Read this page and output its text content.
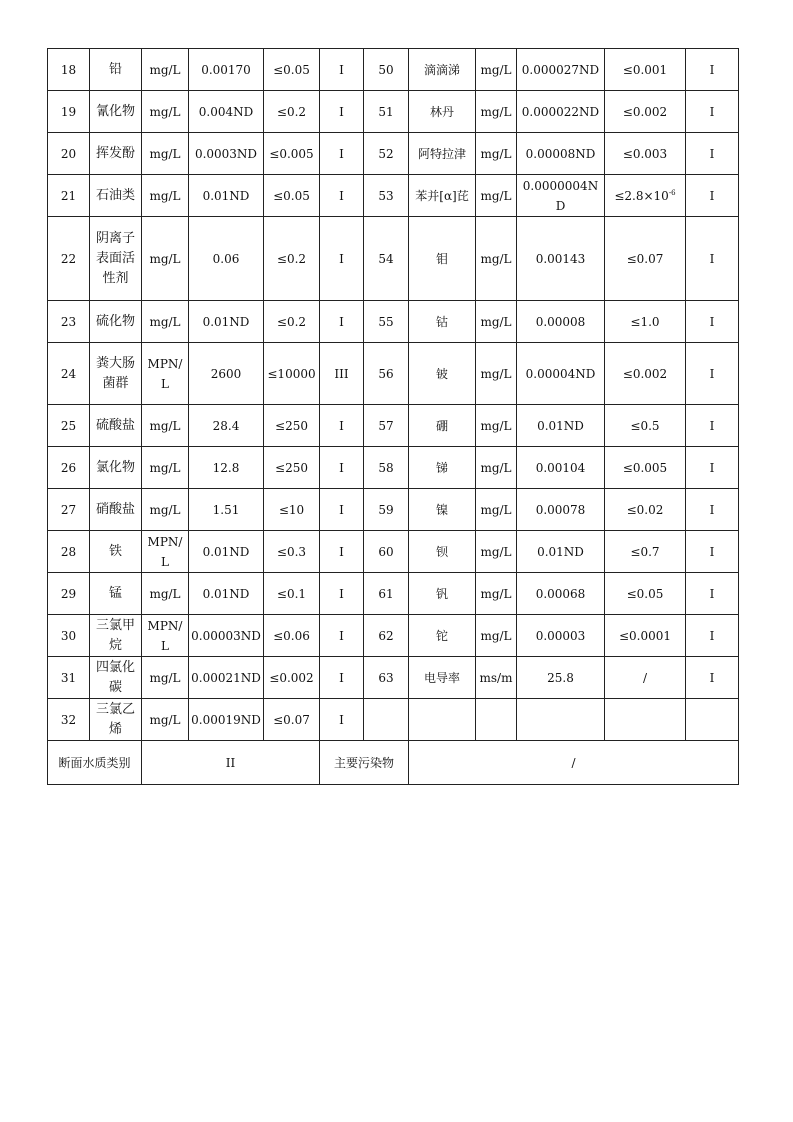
18	铅	mg/L	0.00170	≤0.05	I	50	滴滴涕	mg/L	0.000027ND	≤0.001	I
19	氰化物	mg/L	0.004ND	≤0.2	I	51	林丹	mg/L	0.000022ND	≤0.002	I
20	挥发酚	mg/L	0.0003ND	≤0.005	I	52	阿特拉津	mg/L	0.00008ND	≤0.003	I
21	石油类	mg/L	0.01ND	≤0.05	I	53	苯并[α]芘	mg/L	0.0000004ND	$\le 2.8\times 10^{-6}$	I
22	阴离子表面活性剂	mg/L	0.06	≤0.2	I	54	钼	mg/L	0.00143	≤0.07	I
23	硫化物	mg/L	0.01ND	≤0.2	I	55	钴	mg/L	0.00008	≤1.0	I
24	粪大肠菌群	MPN/L	2600	≤10000	III	56	铍	mg/L	0.00004ND	≤0.002	I
25	硫酸盐	mg/L	28.4	≤250	I	57	硼	mg/L	0.01ND	≤0.5	I
26	氯化物	mg/L	12.8	≤250	I	58	锑	mg/L	0.00104	≤0.005	I
27	硝酸盐	mg/L	1.51	≤10	I	59	镍	mg/L	0.00078	≤0.02	I
28	铁	MPN/L	0.01ND	≤0.3	I	60	钡	mg/L	0.01ND	≤0.7	I
29	锰	mg/L	0.01ND	≤0.1	I	61	钒	mg/L	0.00068	≤0.05	I
30	三氯甲烷	MPN/L	0.00003ND	≤0.06	I	62	铊	mg/L	0.00003	≤0.0001	I
31	四氯化碳	mg/L	0.00021ND	≤0.002	I	63	电导率	ms/m	25.8	/	I
32	三氯乙烯	mg/L	0.00019ND	≤0.07	I						
断面水质类别		II			主要污染物		/				
